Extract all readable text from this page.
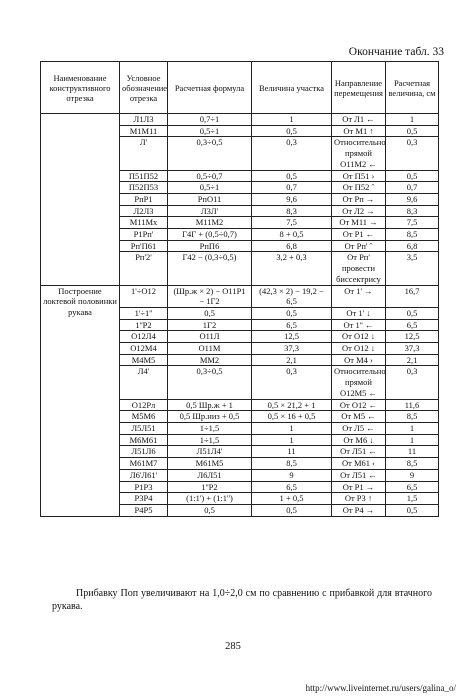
Окончание табл. 33
Наименование конструктивного отрезка	Условное обозначение отрезка	Расчетная формула	Величина участка	Направление перемещения	Расчетная величина, см
	Л1Л3	0,7÷1	1	От Л1 ←	1
	М1М11	0,5÷1	0,5	От М1 ↑	0,5
	Л'	0,3÷0,5	0,3	Относительно прямой О11М2 ←	0,3
	П51П52	0,5÷0,7	0,5	От П51 ›	0,5
	П52П53	0,5÷1	0,7	От П52 ˆ	0,7
	РпР1	РпО11	9,6	От Рп →	9,6
	Л2Л3	Л3Л'	8,3	От Л2 →	8,3
	М11Мх	М11М2	7,5	От М11 →	7,5
	Р1Рп'	Г4Г + (0,5÷0,7)	8 + 0,5	От Р1 ←	8,5
	Рп'П61	РпП6	6,8	От Рп' ˆ	6,8
	Рп'2'	Г42 − (0,3÷0,5)	3,2 + 0,3	От Рп' провести биссектрису	3,5
Построение локтевой половинки рукава	1'÷О12	(Шр.ж × 2) − О11Р1 − 1Г2	(42,3 × 2) − 19,2 − 6,5	От 1' →	16,7
	1'÷1''	0,5	0,5	От 1' ↓	0,5
	1''Р2	1Г2	6,5	От 1'' ←	6,5
	О12Л4	О11Л	12,5	От О12 ↓	12,5
	О12М4	О11М	37,3	От О12 ↓	37,3
	М4М5	ММ2	2,1	От М4 ›	2,1
	Л4'	0,3÷0,5	0,3	Относительно прямой О12М5 ←	0,3
	О12Рл	0,5 Шр.ж + 1	0,5 × 21,2 + 1	От О12 ←	11,6
	М5М6	0,5 Шр.низ + 0,5	0,5 × 16 + 0,5	От М5 ←	8,5
	Л5Л51	1÷1,5	1	От Л5 ←	1
	М6М61	1÷1,5	1	От М6 ↓	1
	Л51Л6	Л51Л4'	11	От Л51 ←	11
	М61М7	М61М5	8,5	От М61 ‹	8,5
	Л6'Л61'	Л6Л51	9	От Л51 ←	9
	Р1Р3	1''Р2	6,5	От Р1 →	6,5
	Р3Р4	(1:1') + (1:1'')	1 + 0,5	От Р3 ↑	1,5
	Р4Р5	0,5	0,5	От Р4 →	0,5
Прибавку Поп увеличивают на 1,0÷2,0 см по сравнению с прибавкой для втачного рукава.
285
http://www.liveinternet.ru/users/galina_o/
